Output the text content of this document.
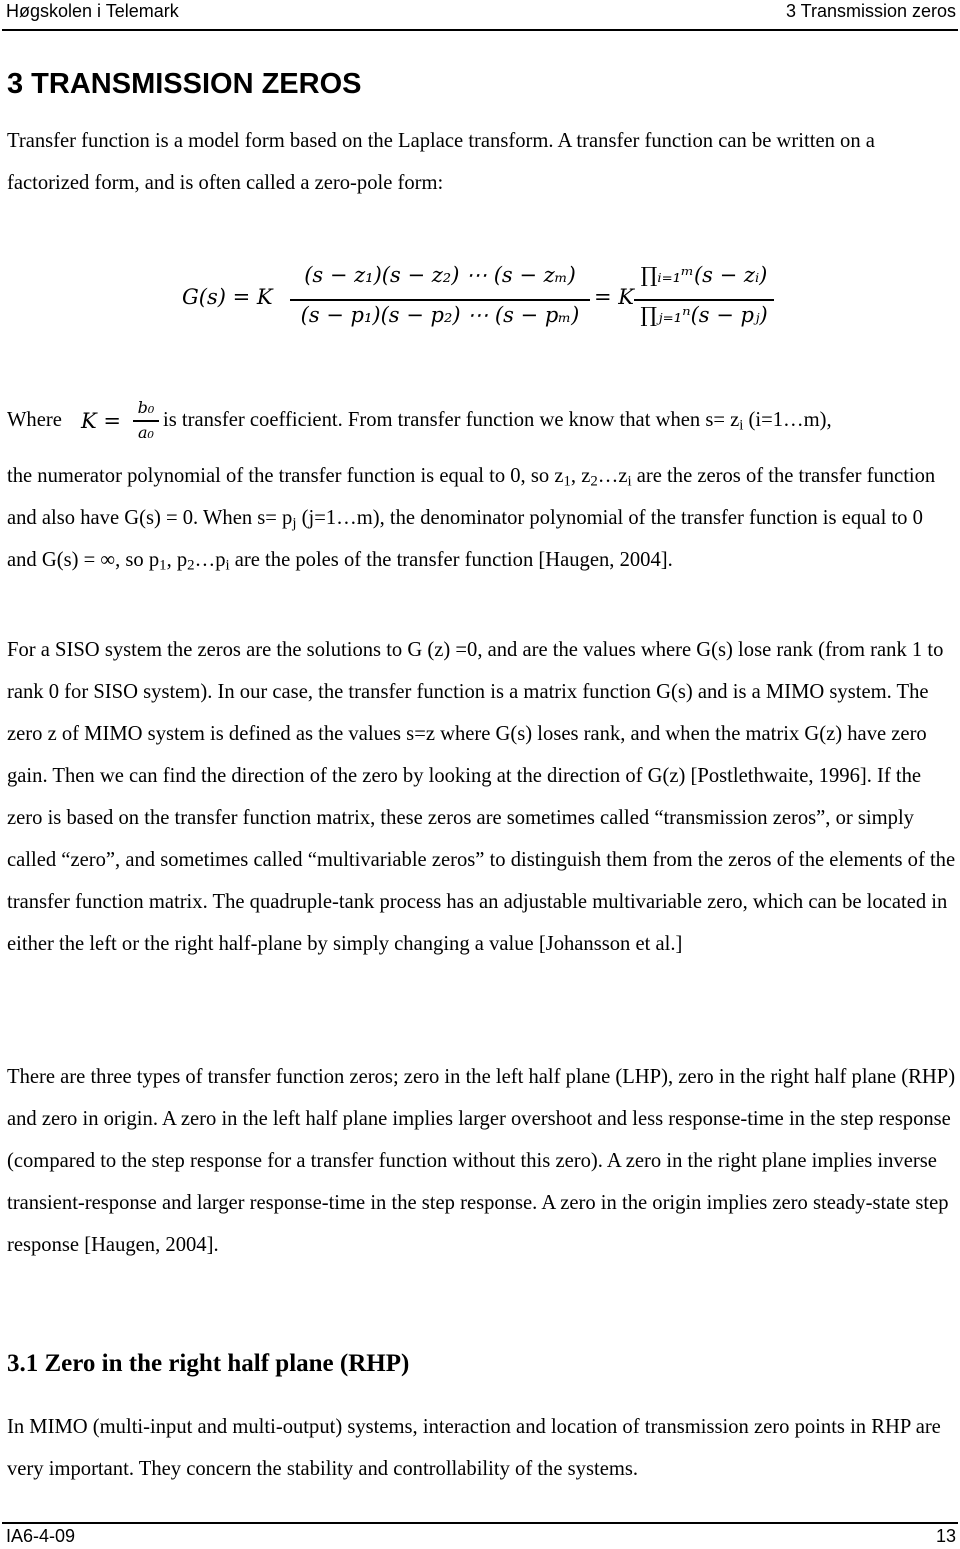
Høgskolen i Telemark	3 Transmission zeros
3 TRANSMISSION ZEROS

Transfer function is a model form based on the Laplace transform. A transfer function can be written on a factorized form, and is often called a zero-pole form:

G(s) = K
(s − z₁)(s − z₂) ⋯ (s − zₘ)
(s − p₁)(s − p₂) ⋯ (s − pₘ)
= K
∏ᵢ₌₁ᵐ(s − zᵢ)
∏ⱼ₌₁ⁿ(s − pⱼ)
Where K =
b₀
a₀
is transfer coefficient. From transfer function we know that when $s= z_i$ (i=1…m),

the numerator polynomial of the transfer function is equal to 0, so $z_1$, $z_2\dots z_i$ are the zeros of the transfer function and also have G(s) = 0. When $s= p_j$ (j=1…m), the denominator polynomial of the transfer function is equal to 0 and G(s) = ∞, so $p_1$, $p_2\dots p_i$ are the poles of the transfer function [Haugen, 2004].

For a SISO system the zeros are the solutions to G (z) =0, and are the values where G(s) lose rank (from rank 1 to rank 0 for SISO system). In our case, the transfer function is a matrix function G(s) and is a MIMO system. The zero z of MIMO system is defined as the values s=z where G(s) loses rank, and when the matrix G(z) have zero gain. Then we can find the direction of the zero by looking at the direction of G(z) [Postlethwaite, 1996]. If the zero is based on the transfer function matrix, these zeros are sometimes called “transmission zeros”, or simply called “zero”, and sometimes called “multivariable zeros” to distinguish them from the zeros of the elements of the transfer function matrix. The quadruple-tank process has an adjustable multivariable zero, which can be located in either the left or the right half-plane by simply changing a value [Johansson et al.]

There are three types of transfer function zeros; zero in the left half plane (LHP), zero in the right half plane (RHP) and zero in origin. A zero in the left half plane implies larger overshoot and less response-time in the step response (compared to the step response for a transfer function without this zero). A zero in the right plane implies inverse transient-response and larger response-time in the step response. A zero in the origin implies zero steady-state step response [Haugen, 2004].

3.1 Zero in the right half plane (RHP)

In MIMO (multi-input and multi-output) systems, interaction and location of transmission zero points in RHP are very important. They concern the stability and controllability of the systems.

IA6-4-09	13
